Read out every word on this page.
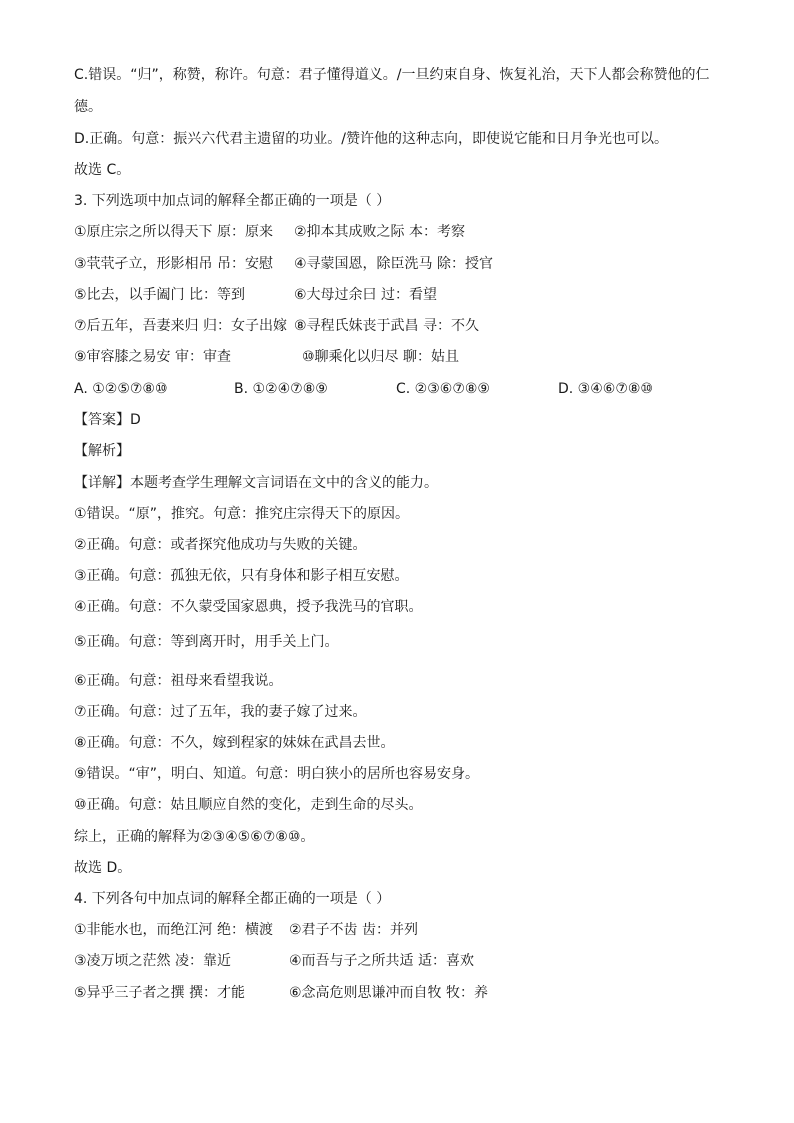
C.错误。“归”，称赞，称许。句意：君子懂得道义。/一旦约束自身、恢复礼治，天下人都会称赞他的仁
德。
D.正确。句意：振兴六代君主遗留的功业。/赞许他的这种志向，即使说它能和日月争光也可以。
故选 C。
3. 下列选项中加点词的解释全都正确的一项是（ ）
①原庄宗之所以得天下 原：原来 ②抑本其成败之际 本：考察
③茕茕孑立，形影相吊 吊：安慰 ④寻蒙国恩，除臣洗马 除：授官
⑤比去，以手阖门 比：等到	⑥大母过余曰 过：看望
⑦后五年，吾妻来归 归：女子出嫁 ⑧寻程氏妹丧于武昌 寻：不久
⑨审容膝之易安 审：审查	⑩聊乘化以归尽 聊：姑且
A. ①②⑤⑦⑧⑩	B. ①②④⑦⑧⑨	C. ②③⑥⑦⑧⑨	D. ③④⑥⑦⑧⑩
【答案】D
【解析】
【详解】本题考查学生理解文言词语在文中的含义的能力。
①错误。“原”，推究。句意：推究庄宗得天下的原因。
②正确。句意：或者探究他成功与失败的关键。
③正确。句意：孤独无依，只有身体和影子相互安慰。
④正确。句意：不久蒙受国家恩典，授予我洗马的官职。
⑤正确。句意：等到离开时，用手关上门。
⑥正确。句意：祖母来看望我说。
⑦正确。句意：过了五年，我的妻子嫁了过来。
⑧正确。句意：不久，嫁到程家的妹妹在武昌去世。
⑨错误。“审”，明白、知道。句意：明白狭小的居所也容易安身。
⑩正确。句意：姑且顺应自然的变化，走到生命的尽头。
综上，正确的解释为②③④⑤⑥⑦⑧⑩。
故选 D。
4. 下列各句中加点词的解释全都正确的一项是（ ）
①非能水也，而绝江河 绝：横渡 ②君子不齿 齿：并列
③凌万顷之茫然 凌：靠近	④而吾与子之所共适 适：喜欢
⑤异乎三子者之撰 撰：才能	⑥念高危则思谦冲而自牧 牧：养
